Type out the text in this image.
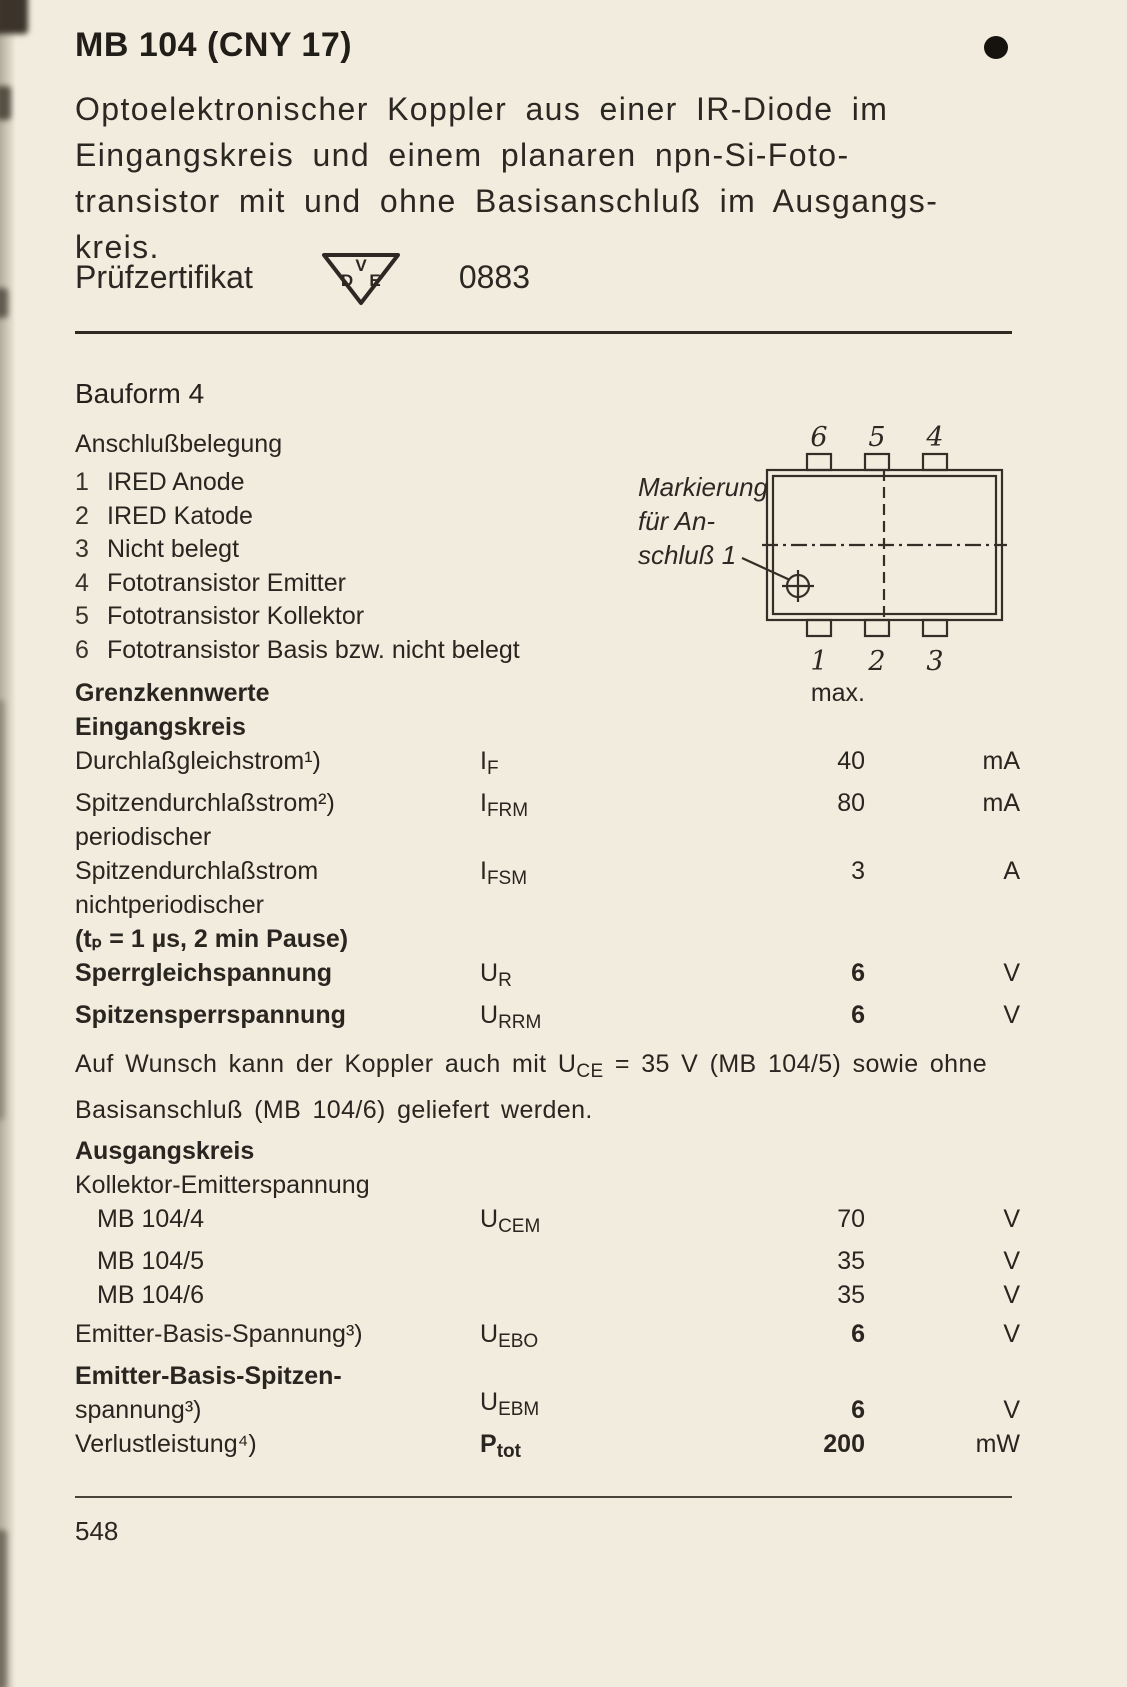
MB 104 (CNY 17)
Optoelektronischer Koppler aus einer IR-Diode im
Eingangskreis und einem planaren npn-Si-Foto-
transistor mit und ohne Basisanschluß im Ausgangs-
kreis.
Prüfzertifikat	V
D E 0883
Bauform 4
Anschlußbelegung
1 IRED Anode
2 IRED Katode
3 Nicht belegt
4 Fototransistor Emitter
5 Fototransistor Kollektor
6 Fototransistor Basis bzw. nicht belegt
Markierung
für An-
schluß 1
6 5 4
1 2 3
Grenzkennwerte	max.
Eingangskreis
Durchlaßgleichstrom¹)	$I_F$	40	mA
Spitzendurchlaßstrom²)
periodischer
$I_{FRM}$	80	mA
Spitzendurchlaßstrom
nichtperiodischer
(tₚ = 1 µs, 2 min Pause)
$I_{FSM}$	3	A
Sperrgleichspannung	$U_R$	6	V
Spitzensperrspannung	$U_{RRM}$	6	V
Auf Wunsch kann der Koppler auch mit $U_{CE} = 35$ V (MB 104/5) sowie ohne
Basisanschluß (MB 104/6) geliefert werden.
Ausgangskreis
Kollektor-Emitterspannung
MB 104/4	$U_{CEM}$	70	V
MB 104/5	35	V
MB 104/6	35	V
Emitter-Basis-Spannung³)	$U_{EBO}$	6	V
Emitter-Basis-Spitzen-
spannung³)	$U_{EBM}$	6	V
Verlustleistung⁴)	$P_{tot}$	200	mW
548
